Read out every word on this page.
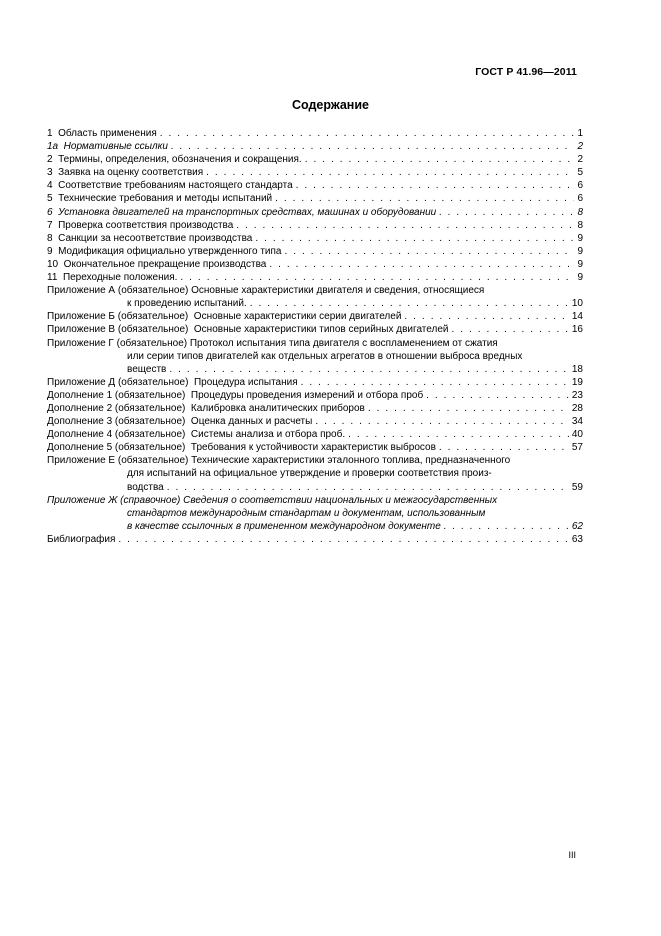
ГОСТ Р 41.96—2011
Содержание
1  Область применения . . .	1
1а  Нормативные ссылки . . .	2
2  Термины, определения, обозначения и сокращения. . . .	2
3  Заявка на оценку соответствия . . .	5
4  Соответствие требованиям настоящего стандарта . . .	6
5  Технические требования и методы испытаний . . .	6
6  Установка двигателей на транспортных средствах, машинах и оборудовании . . .	8
7  Проверка соответствия производства . . .	8
8  Санкции за несоответствие производства . . .	9
9  Модификация официально утвержденного типа . . .	9
10  Окончательное прекращение производства . . .	9
11  Переходные положения. . . .	9
Приложение А (обязательное) Основные характеристики двигателя и сведения, относящиеся
к проведению испытаний. . . .	10
Приложение Б (обязательное)  Основные характеристики серии двигателей . . .	14
Приложение В (обязательное)  Основные характеристики типов серийных двигателей . . .	16
Приложение Г (обязательное) Протокол испытания типа двигателя с воспламенением от сжатия
или серии типов двигателей как отдельных агрегатов в отношении выброса вредных
веществ . . .	18
Приложение Д (обязательное)  Процедура испытания . . .	19
Дополнение 1 (обязательное)  Процедуры проведения измерений и отбора проб . . .	23
Дополнение 2 (обязательное)  Калибровка аналитических приборов . . .	28
Дополнение 3 (обязательное)  Оценка данных и расчеты . . .	34
Дополнение 4 (обязательное)  Системы анализа и отбора проб. . . .	40
Дополнение 5 (обязательное)  Требования к устойчивости характеристик выбросов . . .	57
Приложение Е (обязательное) Технические характеристики эталонного топлива, предназначенного
для испытаний на официальное утверждение и проверки соответствия произ-
водства . . .	59
Приложение Ж (справочное) Сведения о соответствии национальных и межгосударственных
стандартов международным стандартам и документам, использованным
в качестве ссылочных в примененном международном документе . . .	62
Библиография . . .	63
III
